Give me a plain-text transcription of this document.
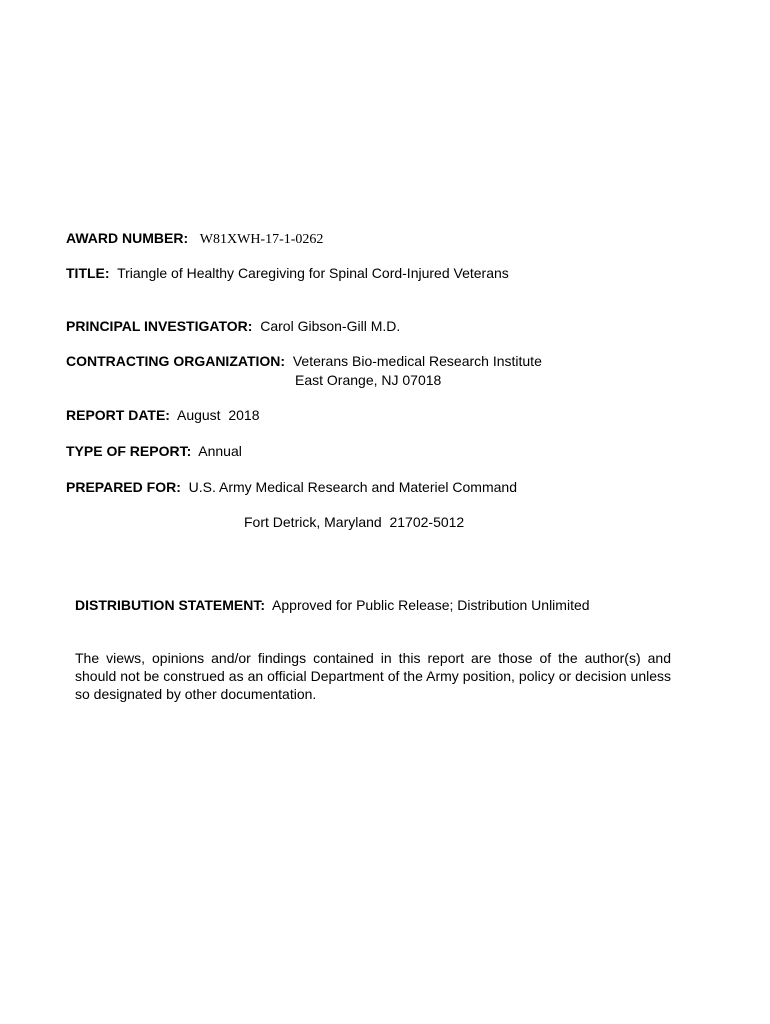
AWARD NUMBER: W81XWH-17-1-0262
TITLE: Triangle of Healthy Caregiving for Spinal Cord-Injured Veterans
PRINCIPAL INVESTIGATOR: Carol Gibson-Gill M.D.
CONTRACTING ORGANIZATION: Veterans Bio-medical Research Institute
East Orange, NJ 07018
REPORT DATE: August  2018
TYPE OF REPORT: Annual
PREPARED FOR: U.S. Army Medical Research and Materiel Command
Fort Detrick, Maryland  21702-5012
DISTRIBUTION STATEMENT: Approved for Public Release; Distribution Unlimited
The views, opinions and/or findings contained in this report are those of the author(s) and should not be construed as an official Department of the Army position, policy or decision unless so designated by other documentation.
